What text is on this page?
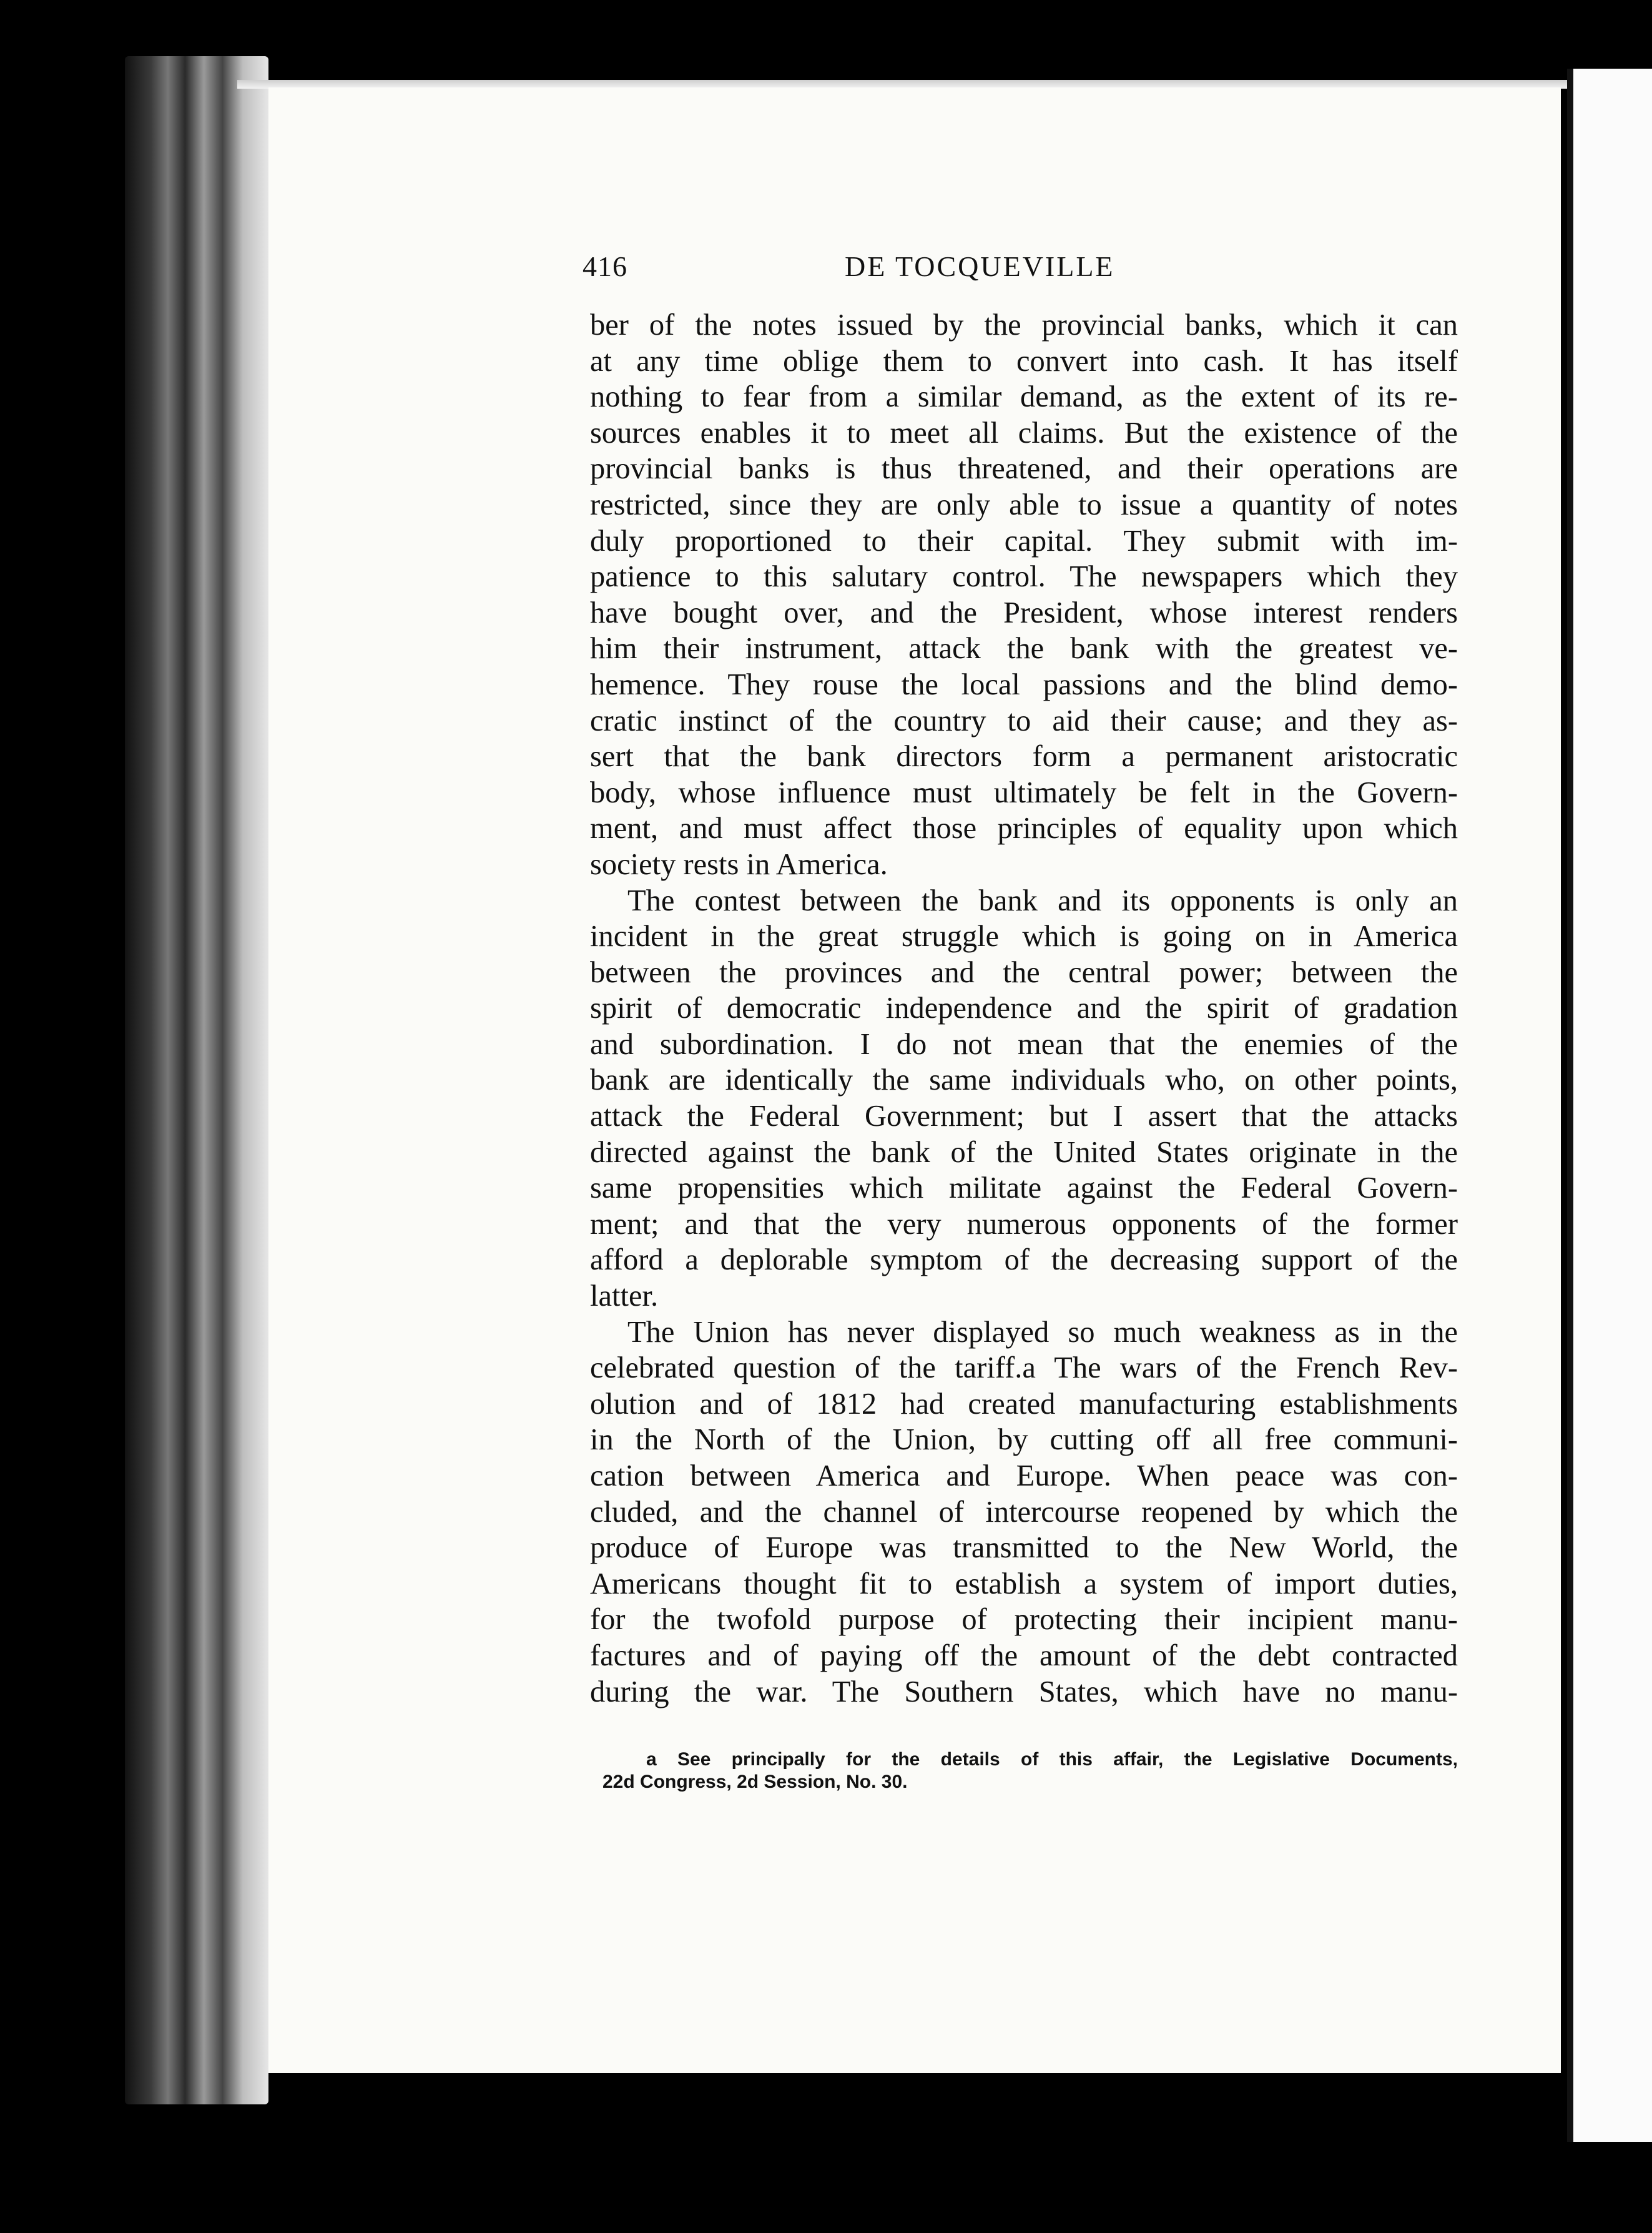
416	DE TOCQUEVILLE
ber of the notes issued by the provincial banks, which it can
at any time oblige them to convert into cash. It has itself
nothing to fear from a similar demand, as the extent of its re-
sources enables it to meet all claims. But the existence of the
provincial banks is thus threatened, and their operations are
restricted, since they are only able to issue a quantity of notes
duly proportioned to their capital. They submit with im-
patience to this salutary control. The newspapers which they
have bought over, and the President, whose interest renders
him their instrument, attack the bank with the greatest ve-
hemence. They rouse the local passions and the blind demo-
cratic instinct of the country to aid their cause; and they as-
sert that the bank directors form a permanent aristocratic
body, whose influence must ultimately be felt in the Govern-
ment, and must affect those principles of equality upon which
society rests in America.
The contest between the bank and its opponents is only an
incident in the great struggle which is going on in America
between the provinces and the central power; between the
spirit of democratic independence and the spirit of gradation
and subordination. I do not mean that the enemies of the
bank are identically the same individuals who, on other points,
attack the Federal Government; but I assert that the attacks
directed against the bank of the United States originate in the
same propensities which militate against the Federal Govern-
ment; and that the very numerous opponents of the former
afford a deplorable symptom of the decreasing support of the
latter.
The Union has never displayed so much weakness as in the
celebrated question of the tariff.a The wars of the French Rev-
olution and of 1812 had created manufacturing establishments
in the North of the Union, by cutting off all free communi-
cation between America and Europe. When peace was con-
cluded, and the channel of intercourse reopened by which the
produce of Europe was transmitted to the New World, the
Americans thought fit to establish a system of import duties,
for the twofold purpose of protecting their incipient manu-
factures and of paying off the amount of the debt contracted
during the war. The Southern States, which have no manu-
a See principally for the details of this affair, the Legislative Documents,
22d Congress, 2d Session, No. 30.
